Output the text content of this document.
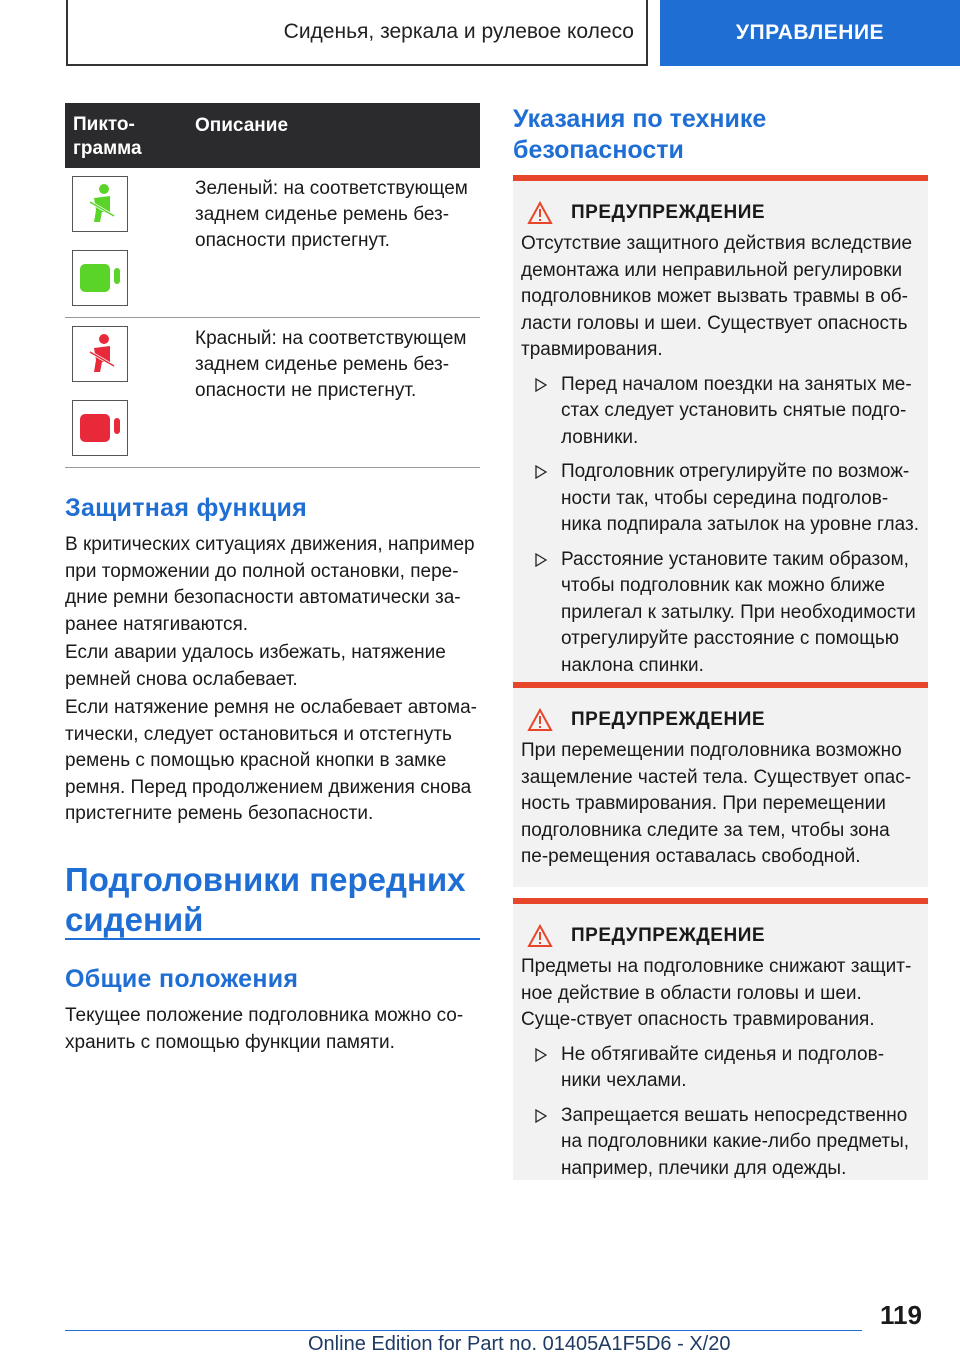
Сиденья, зеркала и рулевое колесо	УПРАВЛЕНИЕ
Пикто-
грамма
Описание
Зеленый: на соответствующем заднем сиденье ремень без-опасности пристегнут.
Красный: на соответствующем заднем сиденье ремень без-опасности не пристегнут.
Защитная функция
В критических ситуациях движения, например при торможении до полной остановки, пере-дние ремни безопасности автоматически за-ранее натягиваются.
Если аварии удалось избежать, натяжение ремней снова ослабевает.
Если натяжение ремня не ослабевает автома-тически, следует остановиться и отстегнуть ремень с помощью красной кнопки в замке ремня. Перед продолжением движения снова пристегните ремень безопасности.
Подголовники передних сидений
Общие положения
Текущее положение подголовника можно со-хранить с помощью функции памяти.
Указания по технике безопасности
ПРЕДУПРЕЖДЕНИЕ

Отсутствие защитного действия вследствие демонтажа или неправильной регулировки подголовников может вызвать травмы в об-ласти головы и шеи. Существует опасность травмирования.

Перед началом поездки на занятых ме-стах следует установить снятые подго-ловники.
Подголовник отрегулируйте по возмож-ности так, чтобы середина подголов-ника подпирала затылок на уровне глаз.
Расстояние установите таким образом, чтобы подголовник как можно ближе прилегал к затылку. При необходимости отрегулируйте расстояние с помощью наклона спинки.
ПРЕДУПРЕЖДЕНИЕ

При перемещении подголовника возможно защемление частей тела. Существует опас-ность травмирования. При перемещении подголовника следите за тем, чтобы зона пе-ремещения оставалась свободной.

ПРЕДУПРЕЖДЕНИЕ

Предметы на подголовнике снижают защит-ное действие в области головы и шеи. Суще-ствует опасность травмирования.

Не обтягивайте сиденья и подголов-ники чехлами.
Запрещается вешать непосредственно на подголовники какие-либо предметы, например, плечики для одежды.
119
Online Edition for Part no. 01405A1F5D6 - X/20
